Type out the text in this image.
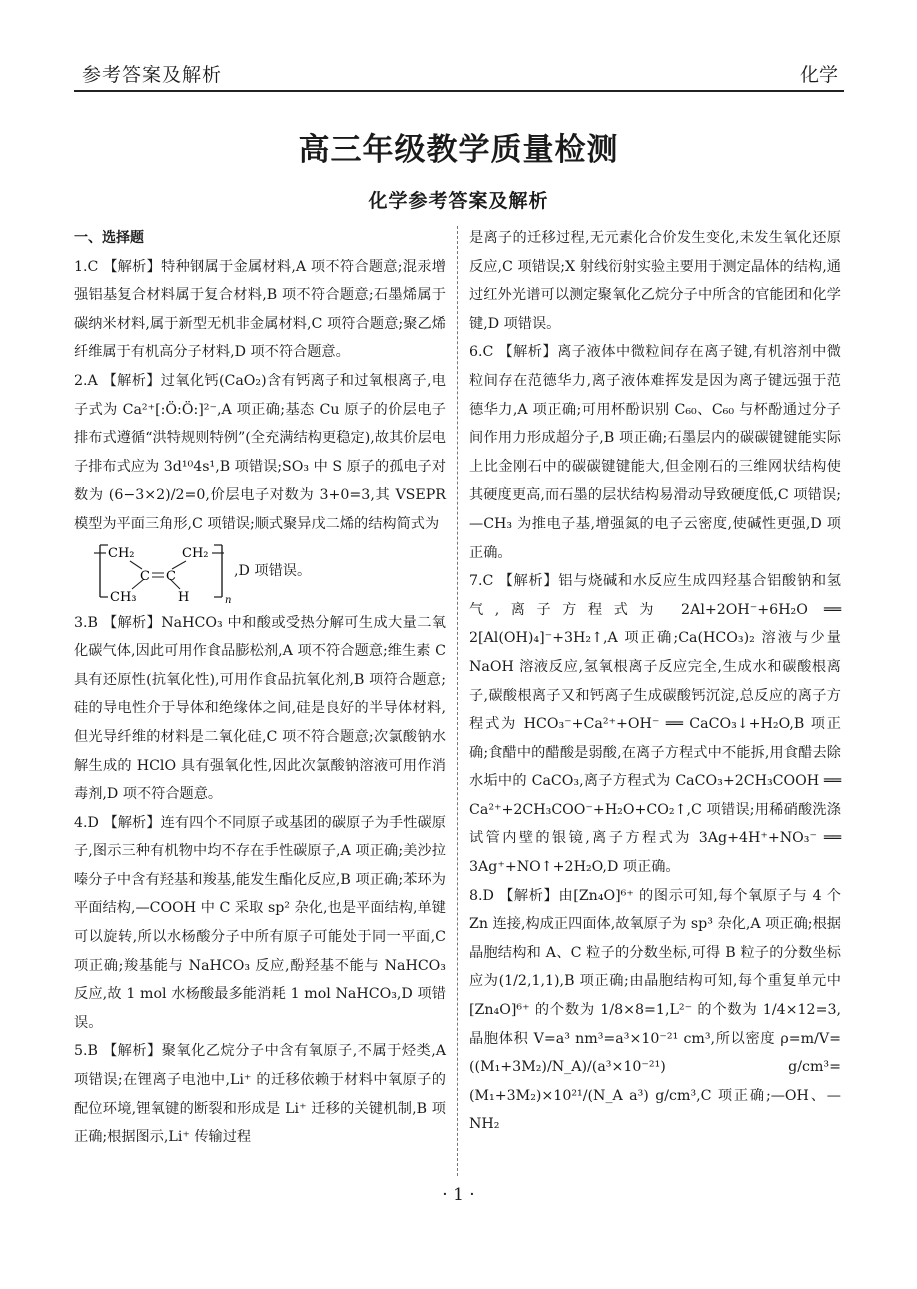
参考答案及解析	化学
高三年级教学质量检测
化学参考答案及解析
一、选择题

1.C 【解析】特种钢属于金属材料,A 项不符合题意;混汞增强铝基复合材料属于复合材料,B 项不符合题意;石墨烯属于碳纳米材料,属于新型无机非金属材料,C 项符合题意;聚乙烯纤维属于有机高分子材料,D 项不符合题意。

2.A 【解析】过氧化钙(CaO₂)含有钙离子和过氧根离子,电子式为 Ca²⁺[:Ö:Ö:]²⁻,A 项正确;基态 Cu 原子的价层电子排布式遵循“洪特规则特例”(全充满结构更稳定),故其价层电子排布式应为 3d¹⁰4s¹,B 项错误;SO₃ 中 S 原子的孤电子对数为 (6−3×2)/2=0,价层电子对数为 3+0=3,其 VSEPR 模型为平面三角形,C 项错误;顺式聚异戊二烯的结构简式为

CH₂	CH₂
C C
CH₃	H	n
,D 项错误。

3.B 【解析】NaHCO₃ 中和酸或受热分解可生成大量二氧化碳气体,因此可用作食品膨松剂,A 项不符合题意;维生素 C 具有还原性(抗氧化性),可用作食品抗氧化剂,B 项符合题意;硅的导电性介于导体和绝缘体之间,硅是良好的半导体材料,但光导纤维的材料是二氧化硅,C 项不符合题意;次氯酸钠水解生成的 HClO 具有强氧化性,因此次氯酸钠溶液可用作消毒剂,D 项不符合题意。

4.D 【解析】连有四个不同原子或基团的碳原子为手性碳原子,图示三种有机物中均不存在手性碳原子,A 项正确;美沙拉嗪分子中含有羟基和羧基,能发生酯化反应,B 项正确;苯环为平面结构,—COOH 中 C 采取 sp² 杂化,也是平面结构,单键可以旋转,所以水杨酸分子中所有原子可能处于同一平面,C 项正确;羧基能与 NaHCO₃ 反应,酚羟基不能与 NaHCO₃ 反应,故 1 mol 水杨酸最多能消耗 1 mol NaHCO₃,D 项错误。

5.B 【解析】聚氧化乙烷分子中含有氧原子,不属于烃类,A 项错误;在锂离子电池中,Li⁺ 的迁移依赖于材料中氧原子的配位环境,锂氧键的断裂和形成是 Li⁺ 迁移的关键机制,B 项正确;根据图示,Li⁺ 传输过程

是离子的迁移过程,无元素化合价发生变化,未发生氧化还原反应,C 项错误;X 射线衍射实验主要用于测定晶体的结构,通过红外光谱可以测定聚氧化乙烷分子中所含的官能团和化学键,D 项错误。

6.C 【解析】离子液体中微粒间存在离子键,有机溶剂中微粒间存在范德华力,离子液体难挥发是因为离子键远强于范德华力,A 项正确;可用杯酚识别 C₆₀、C₆₀ 与杯酚通过分子间作用力形成超分子,B 项正确;石墨层内的碳碳键键能实际上比金刚石中的碳碳键键能大,但金刚石的三维网状结构使其硬度更高,而石墨的层状结构易滑动导致硬度低,C 项错误;—CH₃ 为推电子基,增强氮的电子云密度,使碱性更强,D 项正确。

7.C 【解析】铝与烧碱和水反应生成四羟基合铝酸钠和氢气,离子方程式为 2Al+2OH⁻+6H₂O ══ 2[Al(OH)₄]⁻+3H₂↑,A 项正确;Ca(HCO₃)₂ 溶液与少量 NaOH 溶液反应,氢氧根离子反应完全,生成水和碳酸根离子,碳酸根离子又和钙离子生成碳酸钙沉淀,总反应的离子方程式为 HCO₃⁻+Ca²⁺+OH⁻ ══ CaCO₃↓+H₂O,B 项正确;食醋中的醋酸是弱酸,在离子方程式中不能拆,用食醋去除水垢中的 CaCO₃,离子方程式为 CaCO₃+2CH₃COOH ══ Ca²⁺+2CH₃COO⁻+H₂O+CO₂↑,C 项错误;用稀硝酸洗涤试管内壁的银镜,离子方程式为 3Ag+4H⁺+NO₃⁻ ══ 3Ag⁺+NO↑+2H₂O,D 项正确。

8.D 【解析】由[Zn₄O]⁶⁺ 的图示可知,每个氧原子与 4 个 Zn 连接,构成正四面体,故氧原子为 sp³ 杂化,A 项正确;根据晶胞结构和 A、C 粒子的分数坐标,可得 B 粒子的分数坐标应为(1/2,1,1),B 项正确;由晶胞结构可知,每个重复单元中[Zn₄O]⁶⁺ 的个数为 1/8×8=1,L²⁻ 的个数为 1/4×12=3,晶胞体积 V=a³ nm³=a³×10⁻²¹ cm³,所以密度 ρ=m/V=((M₁+3M₂)/N_A)/(a³×10⁻²¹) g/cm³=(M₁+3M₂)×10²¹/(N_A a³) g/cm³,C 项正确;—OH、—NH₂

· 1 ·
